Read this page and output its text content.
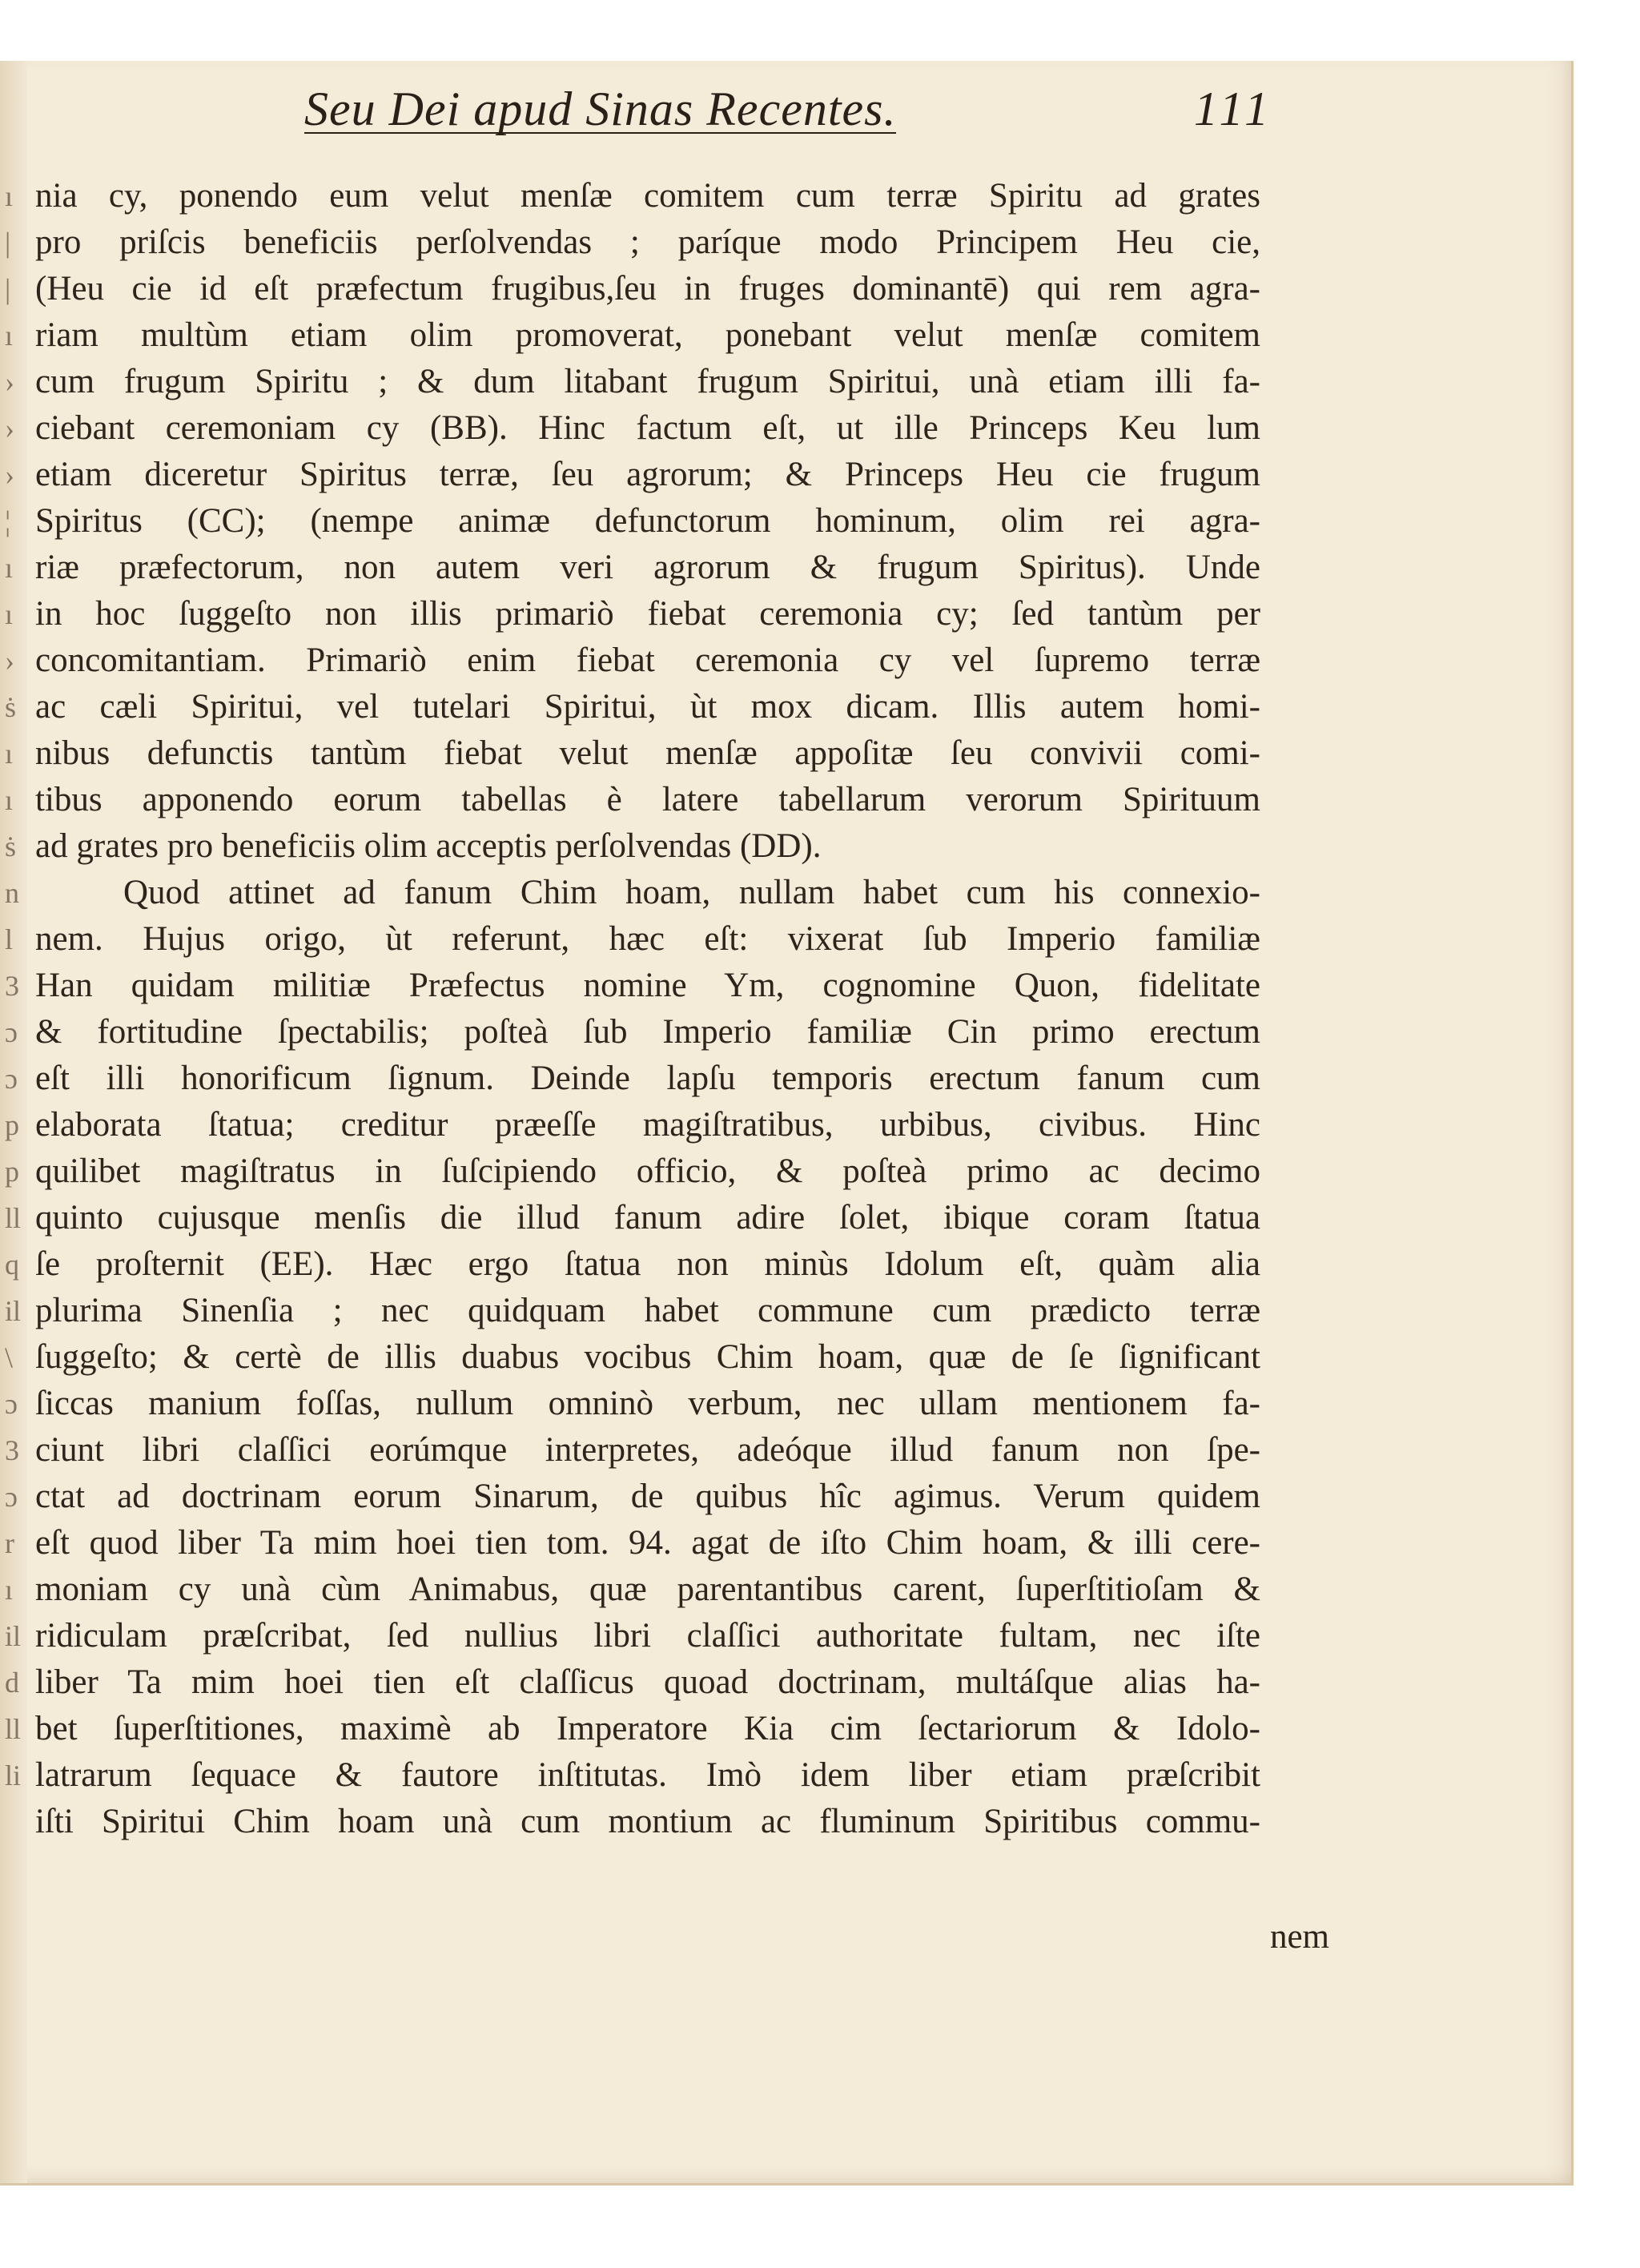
Seu Dei apud Sinas Recentes.	111
ı
|
|
ı
›
›
›
¦
ı
ı
›
ṡ
ı
ı
ṡ
n
l
3
ɔ
ɔ
p
p
ll
q
il
\
ɔ
3
ɔ
r
ı
il
d
ll
li
nia cy, ponendo eum velut menſæ comitem cum terræ Spiritu ad grates
pro priſcis beneficiis perſolvendas ; paríque modo Principem Heu cie,
(Heu cie id eſt præfectum frugibus,ſeu in fruges dominantē) qui rem agra-
riam multùm etiam olim promoverat, ponebant velut menſæ comitem
cum frugum Spiritu ; & dum litabant frugum Spiritui, unà etiam illi fa-
ciebant ceremoniam cy (BB). Hinc factum eſt, ut ille Princeps Keu lum
etiam diceretur Spiritus terræ, ſeu agrorum; & Princeps Heu cie frugum
Spiritus (CC); (nempe animæ defunctorum hominum, olim rei agra-
riæ præfectorum, non autem veri agrorum & frugum Spiritus). Unde
in hoc ſuggeſto non illis primariò fiebat ceremonia cy; ſed tantùm per
concomitantiam. Primariò enim fiebat ceremonia cy vel ſupremo terræ
ac cæli Spiritui, vel tutelari Spiritui, ùt mox dicam. Illis autem homi-
nibus defunctis tantùm fiebat velut menſæ appoſitæ ſeu convivii comi-
tibus apponendo eorum tabellas è latere tabellarum verorum Spirituum
ad grates pro beneficiis olim acceptis perſolvendas (DD).
Quod attinet ad fanum Chim hoam, nullam habet cum his connexio-
nem. Hujus origo, ùt referunt, hæc eſt: vixerat ſub Imperio familiæ
Han quidam militiæ Præfectus nomine Ym, cognomine Quon, fidelitate
& fortitudine ſpectabilis; poſteà ſub Imperio familiæ Cin primo erectum
eſt illi honorificum ſignum. Deinde lapſu temporis erectum fanum cum
elaborata ſtatua; creditur præeſſe magiſtratibus, urbibus, civibus. Hinc
quilibet magiſtratus in ſuſcipiendo officio, & poſteà primo ac decimo
quinto cujusque menſis die illud fanum adire ſolet, ibique coram ſtatua
ſe proſternit (EE). Hæc ergo ſtatua non minùs Idolum eſt, quàm alia
plurima Sinenſia ; nec quidquam habet commune cum prædicto terræ
ſuggeſto; & certè de illis duabus vocibus Chim hoam, quæ de ſe ſignificant
ſiccas manium foſſas, nullum omninò verbum, nec ullam mentionem fa-
ciunt libri claſſici eorúmque interpretes, adeóque illud fanum non ſpe-
ctat ad doctrinam eorum Sinarum, de quibus hîc agimus. Verum quidem
eſt quod liber Ta mim hoei tien tom. 94. agat de iſto Chim hoam, & illi cere-
moniam cy unà cùm Animabus, quæ parentantibus carent, ſuperſtitioſam &
ridiculam præſcribat, ſed nullius libri claſſici authoritate fultam, nec iſte
liber Ta mim hoei tien eſt claſſicus quoad doctrinam, multáſque alias ha-
bet ſuperſtitiones, maximè ab Imperatore Kia cim ſectariorum & Idolo-
latrarum ſequace & fautore inſtitutas. Imò idem liber etiam præſcribit
iſti Spiritui Chim hoam unà cum montium ac fluminum Spiritibus commu-
nem
